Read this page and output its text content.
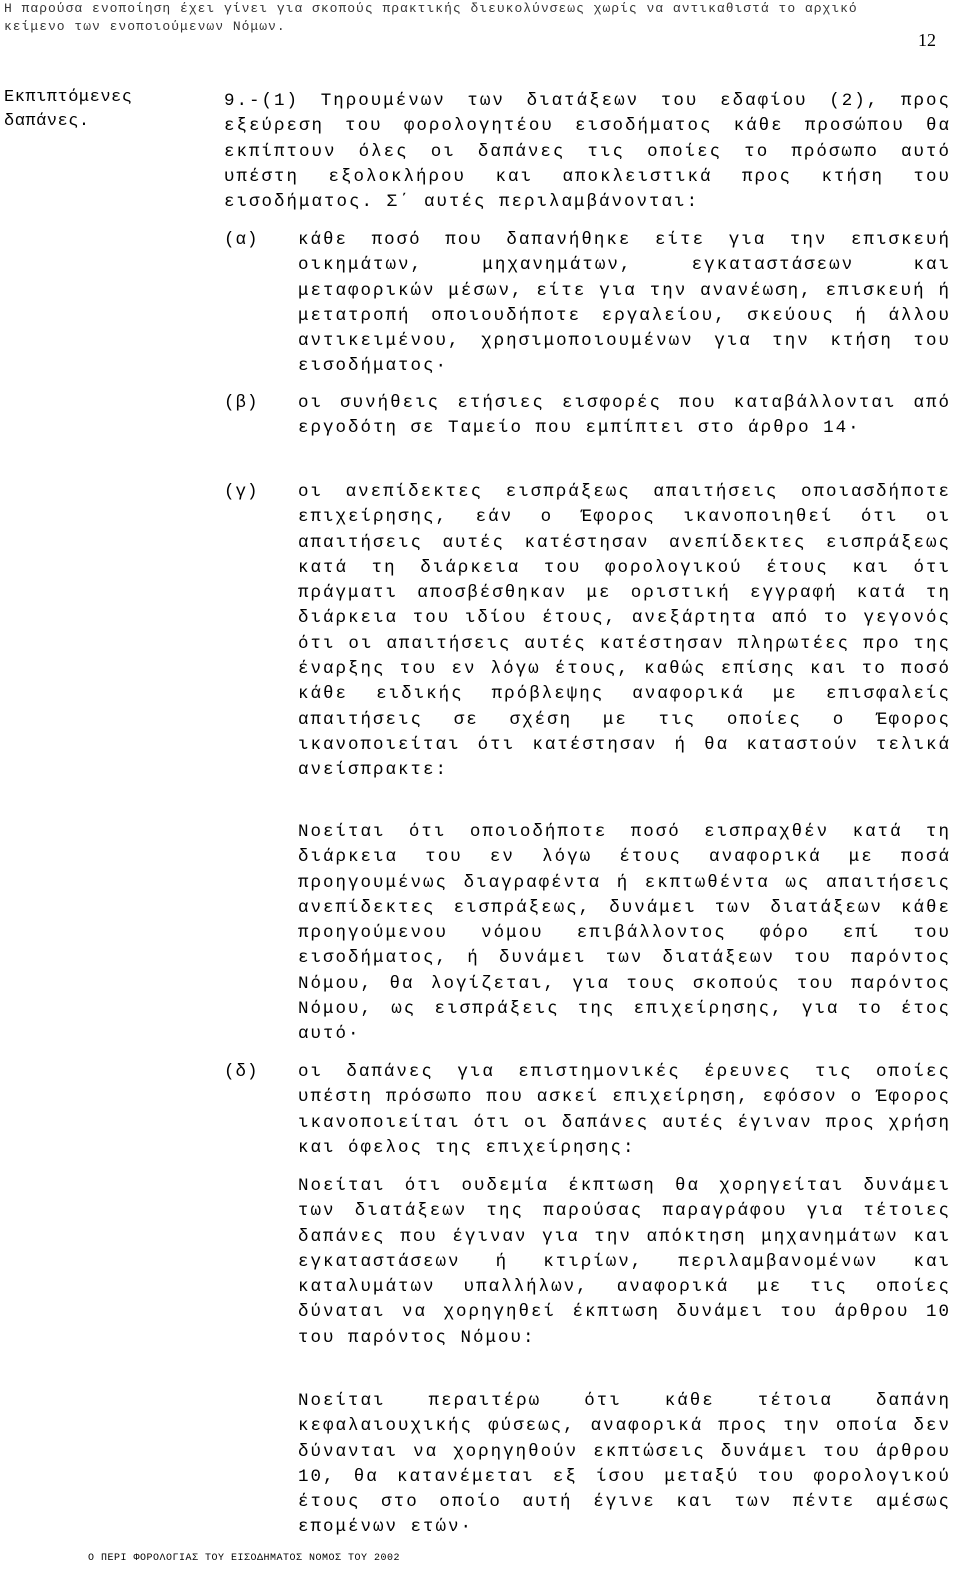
Η παρούσα ενοποίηση έχει γίνει για σκοπούς πρακτικής διευκολύνσεως χωρίς να αντικαθιστά το αρχικό κείμενο των ενοποιούμενων Νόμων.
12
Εκπιπτόμενες δαπάνες.

9.-(1) Τηρουμένων των διατάξεων του εδαφίου (2), προς εξεύρεση του φορολογητέου εισοδήματος κάθε προσώπου θα εκπίπτουν όλες οι δαπάνες τις οποίες το πρόσωπο αυτό υπέστη εξολοκλήρου και αποκλειστικά προς κτήση του εισοδήματος. Σ΄ αυτές περιλαμβάνονται:

(α) κάθε ποσό που δαπανήθηκε είτε για την επισκευή οικημάτων, μηχανημάτων, εγκαταστάσεων και μεταφορικών μέσων, είτε για την ανανέωση, επισκευή ή μετατροπή οποιουδήποτε εργαλείου, σκεύους ή άλλου αντικειμένου, χρησιμοποιουμένων για την κτήση του εισοδήματος·

(β) οι συνήθεις ετήσιες εισφορές που καταβάλλονται από εργοδότη σε Ταμείο που εμπίπτει στο άρθρο 14·

(γ) οι ανεπίδεκτες εισπράξεως απαιτήσεις οποιασδήποτε επιχείρησης, εάν ο Έφορος ικανοποιηθεί ότι οι απαιτήσεις αυτές κατέστησαν ανεπίδεκτες εισπράξεως κατά τη διάρκεια του φορολογικού έτους και ότι πράγματι αποσβέσθηκαν με οριστική εγγραφή κατά τη διάρκεια του ιδίου έτους, ανεξάρτητα από το γεγονός ότι οι απαιτήσεις αυτές κατέστησαν πληρωτέες προ της έναρξης του εν λόγω έτους, καθώς επίσης και το ποσό κάθε ειδικής πρόβλεψης αναφορικά με επισφαλείς απαιτήσεις σε σχέση με τις οποίες ο Έφορος ικανοποιείται ότι κατέστησαν ή θα καταστούν τελικά ανείσπρακτε:

Νοείται ότι οποιοδήποτε ποσό εισπραχθέν κατά τη διάρκεια του εν λόγω έτους αναφορικά με ποσά προηγουμένως διαγραφέντα ή εκπτωθέντα ως απαιτήσεις ανεπίδεκτες εισπράξεως, δυνάμει των διατάξεων κάθε προηγούμενου νόμου επιβάλλοντος φόρο επί του εισοδήματος, ή δυνάμει των διατάξεων του παρόντος Νόμου, θα λογίζεται, για τους σκοπούς του παρόντος Νόμου, ως εισπράξεις της επιχείρησης, για το έτος αυτό·

(δ) οι δαπάνες για επιστημονικές έρευνες τις οποίες υπέστη πρόσωπο που ασκεί επιχείρηση, εφόσον ο Έφορος ικανοποιείται ότι οι δαπάνες αυτές έγιναν προς χρήση και όφελος της επιχείρησης:

Νοείται ότι ουδεμία έκπτωση θα χορηγείται δυνάμει των διατάξεων της παρούσας παραγράφου για τέτοιες δαπάνες που έγιναν για την απόκτηση μηχανημάτων και εγκαταστάσεων ή κτιρίων, περιλαμβανομένων και καταλυμάτων υπαλλήλων, αναφορικά με τις οποίες δύναται να χορηγηθεί έκπτωση δυνάμει του άρθρου 10 του παρόντος Νόμου:

Νοείται περαιτέρω ότι κάθε τέτοια δαπάνη κεφαλαιουχικής φύσεως, αναφορικά προς την οποία δεν δύνανται να χορηγηθούν εκπτώσεις δυνάμει του άρθρου 10, θα κατανέμεται εξ ίσου μεταξύ του φορολογικού έτους στο οποίο αυτή έγινε και των πέντε αμέσως επομένων ετών·

Ο ΠΕΡΙ ΦΟΡΟΛΟΓΙΑΣ ΤΟΥ ΕΙΣΟΔΗΜΑΤΟΣ ΝΟΜΟΣ ΤΟΥ 2002
